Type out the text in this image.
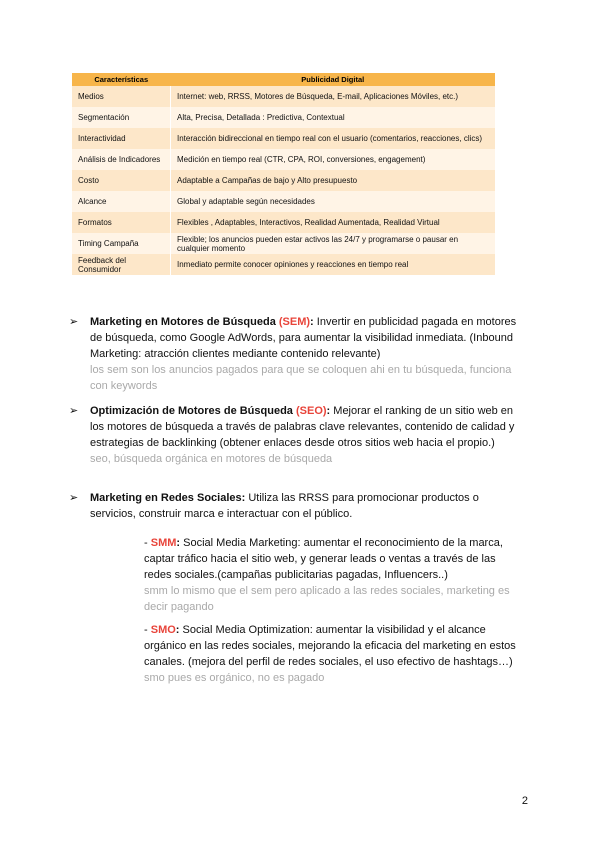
Características	Publicidad Digital
Medios	Internet: web, RRSS, Motores de Búsqueda, E-mail, Aplicaciones Móviles, etc.)
Segmentación	Alta, Precisa, Detallada : Predictiva, Contextual
Interactividad	Interacción bidireccional en tiempo real con el usuario (comentarios, reacciones, clics)
Análisis de Indicadores	Medición en tiempo real (CTR, CPA, ROI, conversiones, engagement)
Costo	Adaptable a Campañas de bajo y Alto presupuesto
Alcance	Global y adaptable según necesidades
Formatos	Flexibles , Adaptables, Interactivos, Realidad Aumentada, Realidad Virtual
Timing Campaña	Flexible; los anuncios pueden estar activos las 24/7 y programarse o pausar en cualquier momento
Feedback del Consumidor	Inmediato permite conocer opiniones y reacciones en tiempo real
➢ Marketing en Motores de Búsqueda (SEM): Invertir en publicidad pagada en motores de búsqueda, como Google AdWords, para aumentar la visibilidad inmediata. (Inbound Marketing: atracción clientes mediante contenido relevante)
los sem son los anuncios pagados para que se coloquen ahi en tu búsqueda, funciona con keywords
➢ Optimización de Motores de Búsqueda (SEO): Mejorar el ranking de un sitio web en los motores de búsqueda a través de palabras clave relevantes, contenido de calidad y estrategias de backlinking (obtener enlaces desde otros sitios web hacia el propio.)
seo, búsqueda orgánica en motores de búsqueda
➢ Marketing en Redes Sociales: Utiliza las RRSS para promocionar productos o servicios, construir marca e interactuar con el público.
- SMM: Social Media Marketing: aumentar el reconocimiento de la marca, captar tráfico hacia el sitio web, y generar leads o ventas a través de las redes sociales.(campañas publicitarias pagadas, Influencers..)
smm lo mismo que el sem pero aplicado a las redes sociales, marketing es decir pagando
- SMO: Social Media Optimization: aumentar la visibilidad y el alcance orgánico en las redes sociales, mejorando la eficacia del marketing en estos canales. (mejora del perfil de redes sociales, el uso efectivo de hashtags…)
smo pues es orgánico, no es pagado
2
